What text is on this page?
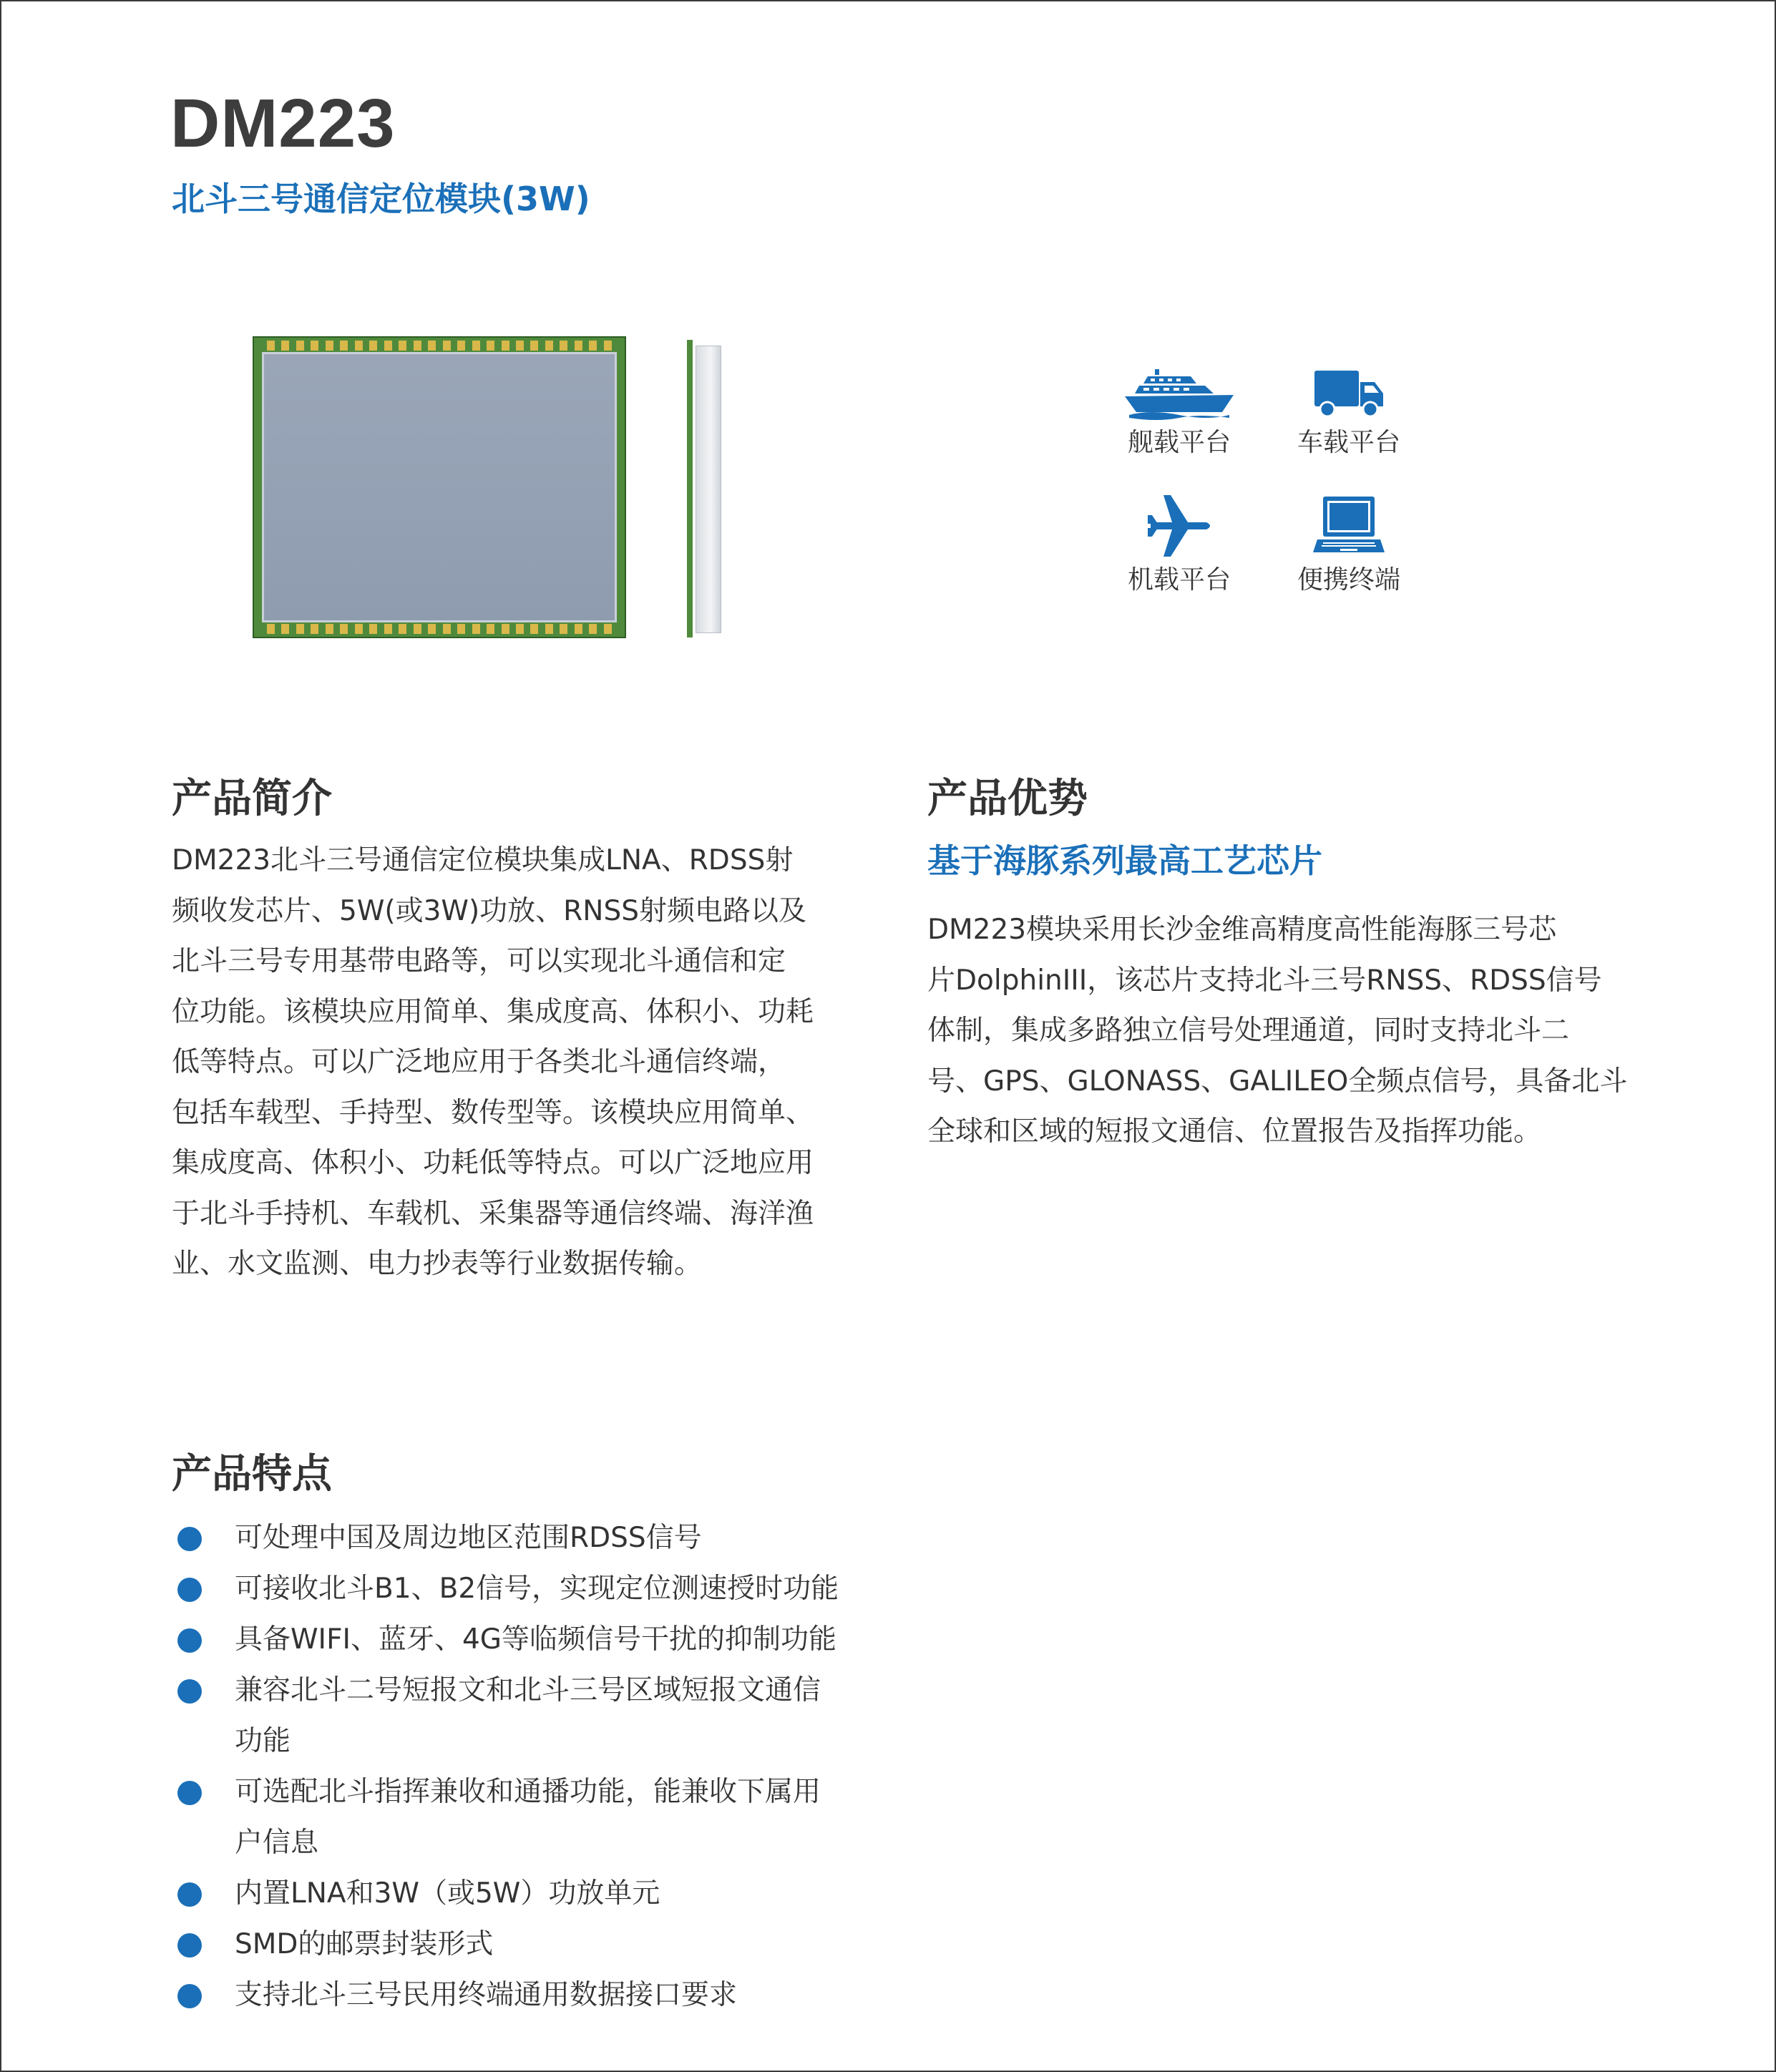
DM223
北斗三号通信定位模块(3W)
舰载平台	车载平台
机载平台	便携终端
产品简介
DM223北斗三号通信定位模块集成LNA、RDSS射
频收发芯片、5W(或3W)功放、RNSS射频电路以及
北斗三号专用基带电路等，可以实现北斗通信和定
位功能。该模块应用简单、集成度高、体积小、功耗
低等特点。可以广泛地应用于各类北斗通信终端，
包括车载型、手持型、数传型等。该模块应用简单、
集成度高、体积小、功耗低等特点。可以广泛地应用
于北斗手持机、车载机、采集器等通信终端、海洋渔
业、水文监测、电力抄表等行业数据传输。
产品优势
基于海豚系列最高工艺芯片
DM223模块采用长沙金维高精度高性能海豚三号芯
片DolphinIII，该芯片支持北斗三号RNSS、RDSS信号
体制，集成多路独立信号处理通道，同时支持北斗二
号、GPS、GLONASS、GALILEO全频点信号，具备北斗
全球和区域的短报文通信、位置报告及指挥功能。
产品特点
可处理中国及周边地区范围RDSS信号
可接收北斗B1、B2信号，实现定位测速授时功能
具备WIFI、蓝牙、4G等临频信号干扰的抑制功能
兼容北斗二号短报文和北斗三号区域短报文通信
功能
可选配北斗指挥兼收和通播功能，能兼收下属用
户信息
内置LNA和3W（或5W）功放单元
SMD的邮票封装形式
支持北斗三号民用终端通用数据接口要求
